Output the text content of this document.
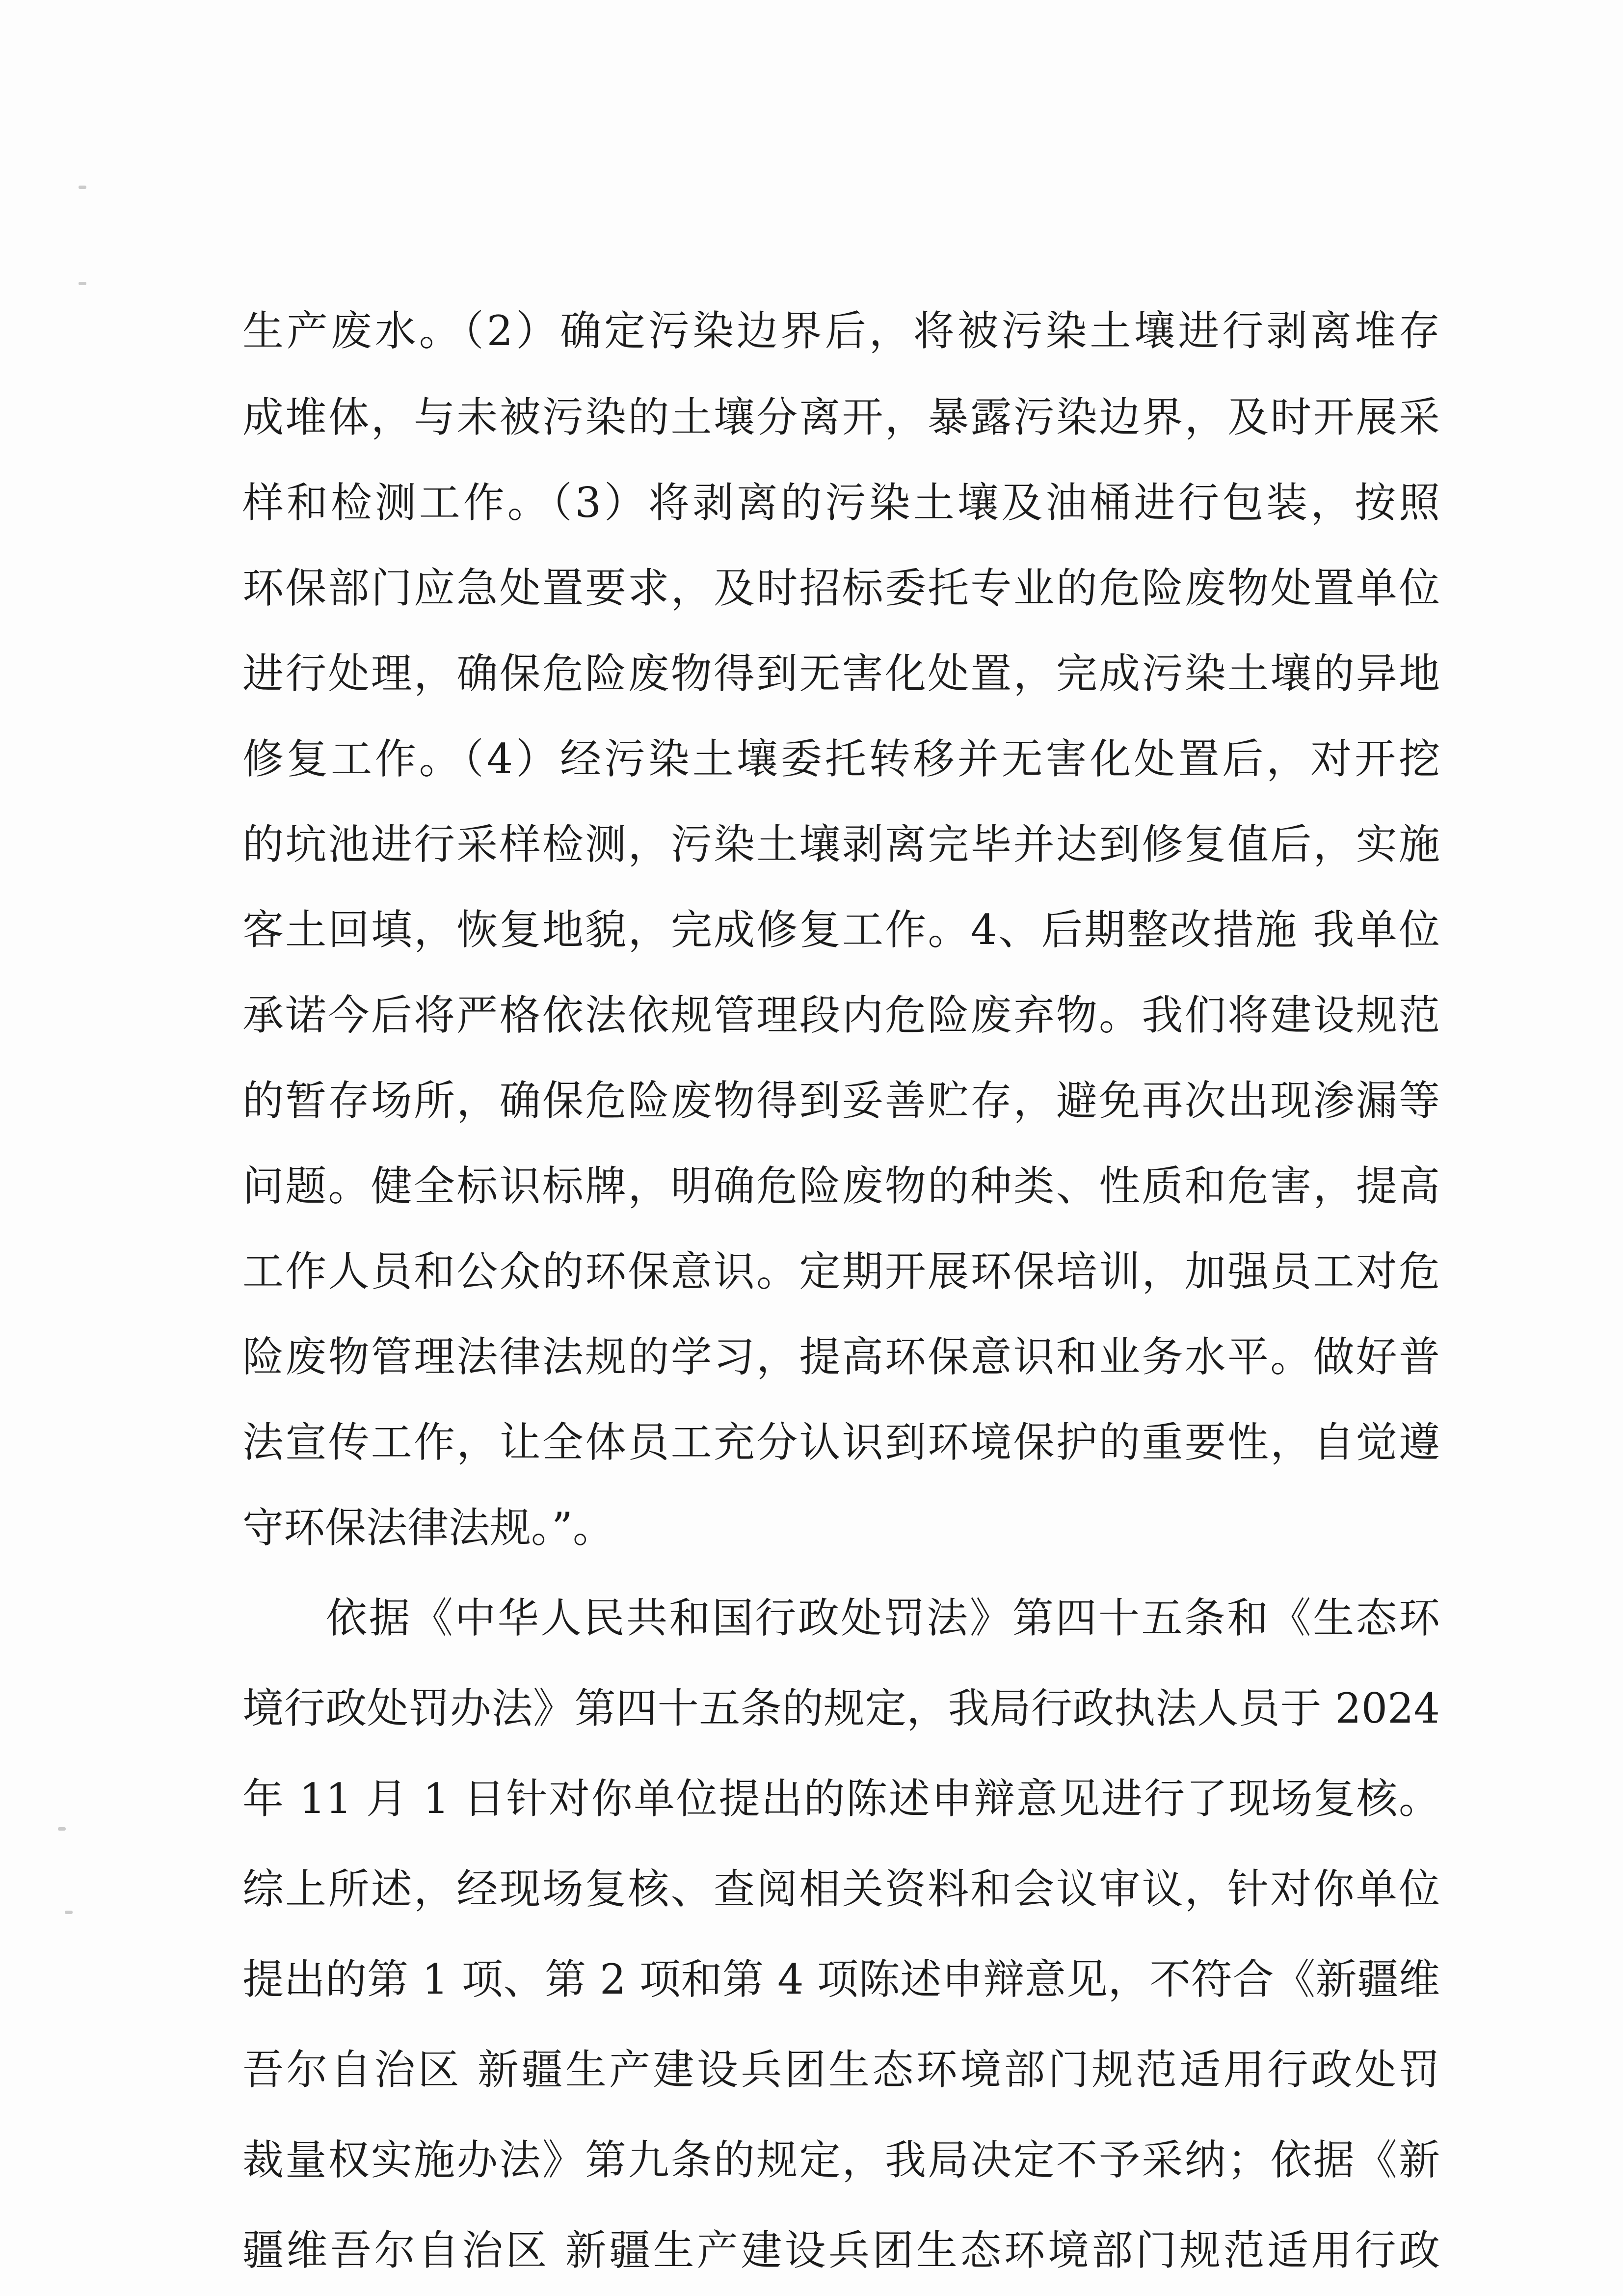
生产废水。（2）确定污染边界后，将被污染土壤进行剥离堆存

成堆体，与未被污染的土壤分离开，暴露污染边界，及时开展采

样和检测工作。（3）将剥离的污染土壤及油桶进行包装，按照

环保部门应急处置要求，及时招标委托专业的危险废物处置单位

进行处理，确保危险废物得到无害化处置，完成污染土壤的异地

修复工作。（4）经污染土壤委托转移并无害化处置后，对开挖

的坑池进行采样检测，污染土壤剥离完毕并达到修复值后，实施

客土回填，恢复地貌，完成修复工作。4、后期整改措施 我单位

承诺今后将严格依法依规管理段内危险废弃物。我们将建设规范

的暂存场所，确保危险废物得到妥善贮存，避免再次出现渗漏等

问题。健全标识标牌，明确危险废物的种类、性质和危害，提高

工作人员和公众的环保意识。定期开展环保培训，加强员工对危

险废物管理法律法规的学习，提高环保意识和业务水平。做好普

法宣传工作，让全体员工充分认识到环境保护的重要性，自觉遵

守环保法律法规。”。

依据《中华人民共和国行政处罚法》第四十五条和《生态环

境行政处罚办法》第四十五条的规定，我局行政执法人员于 2024

年 11 月 1 日针对你单位提出的陈述申辩意见进行了现场复核。

综上所述，经现场复核、查阅相关资料和会议审议，针对你单位

提出的第 1 项、第 2 项和第 4 项陈述申辩意见，不符合《新疆维

吾尔自治区 新疆生产建设兵团生态环境部门规范适用行政处罚

裁量权实施办法》第九条的规定，我局决定不予采纳；依据《新

疆维吾尔自治区 新疆生产建设兵团生态环境部门规范适用行政
